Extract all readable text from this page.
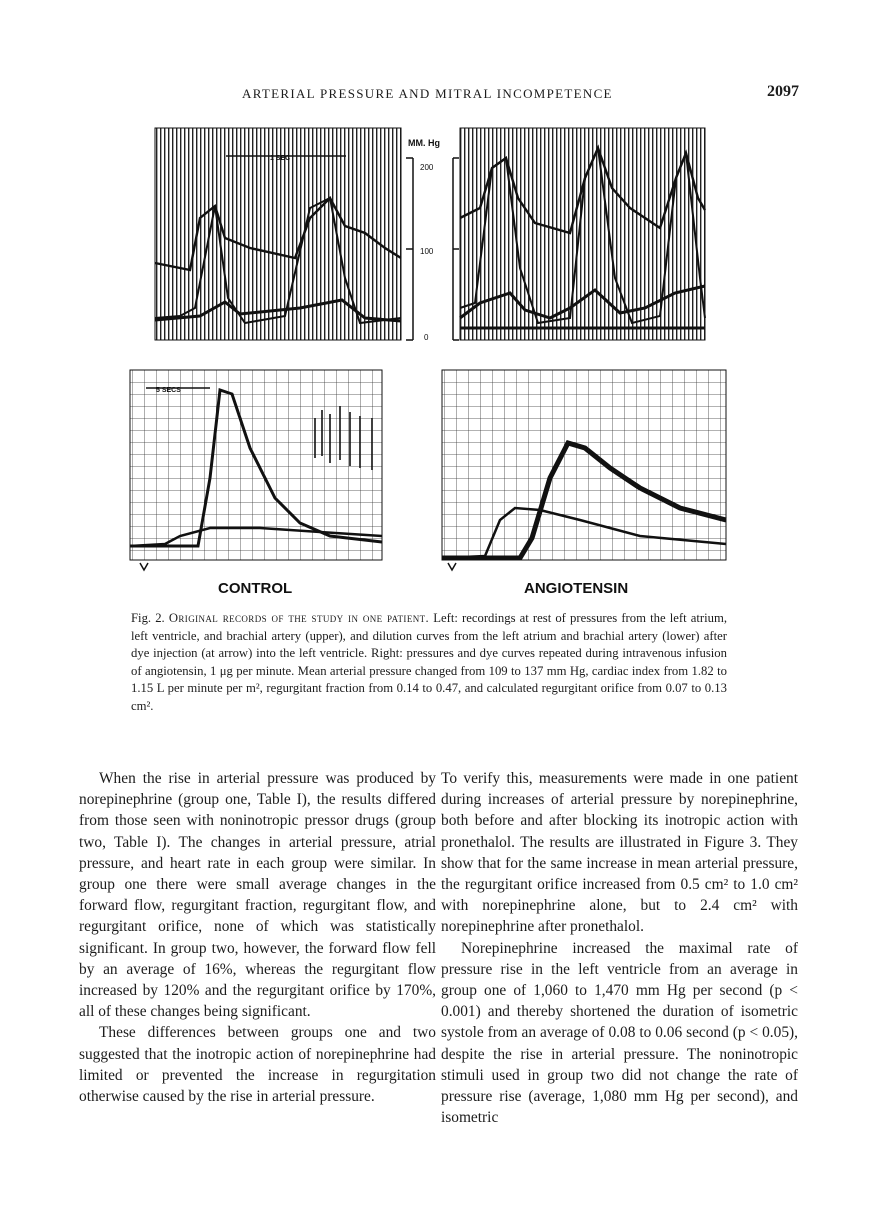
ARTERIAL PRESSURE AND MITRAL INCOMPETENCE	2097
1 SEC
MM. Hg
200
100
0
5 SECS
CONTROL	ANGIOTENSIN
Fig. 2. Original records of the study in one patient. Left: recordings at rest of pressures from the left atrium, left ventricle, and brachial artery (upper), and dilution curves from the left atrium and brachial artery (lower) after dye injection (at arrow) into the left ventricle. Right: pressures and dye curves repeated during intravenous infusion of angiotensin, 1 μg per minute. Mean arterial pressure changed from 109 to 137 mm Hg, cardiac index from 1.82 to 1.15 L per minute per m², regurgitant fraction from 0.14 to 0.47, and calculated regurgitant orifice from 0.07 to 0.13 cm².

When the rise in arterial pressure was produced by norepinephrine (group one, Table I), the results differed from those seen with noninotropic pressor drugs (group two, Table I). The changes in arterial pressure, atrial pressure, and heart rate in each group were similar. In group one there were small average changes in the forward flow, regurgitant fraction, regurgitant flow, and regurgitant orifice, none of which was statistically significant. In group two, however, the forward flow fell by an average of 16%, whereas the regurgitant flow increased by 120% and the regurgitant orifice by 170%, all of these changes being significant.

These differences between groups one and two suggested that the inotropic action of norepinephrine had limited or prevented the increase in regurgitation otherwise caused by the rise in arterial pressure.

To verify this, measurements were made in one patient during increases of arterial pressure by norepinephrine, both before and after blocking its inotropic action with pronethalol. The results are illustrated in Figure 3. They show that for the same increase in mean arterial pressure, the regurgitant orifice increased from 0.5 cm² to 1.0 cm² with norepinephrine alone, but to 2.4 cm² with norepinephrine after pronethalol.

Norepinephrine increased the maximal rate of pressure rise in the left ventricle from an average in group one of 1,060 to 1,470 mm Hg per second (p < 0.001) and thereby shortened the duration of isometric systole from an average of 0.08 to 0.06 second (p < 0.05), despite the rise in arterial pressure. The noninotropic stimuli used in group two did not change the rate of pressure rise (average, 1,080 mm Hg per second), and isometric
